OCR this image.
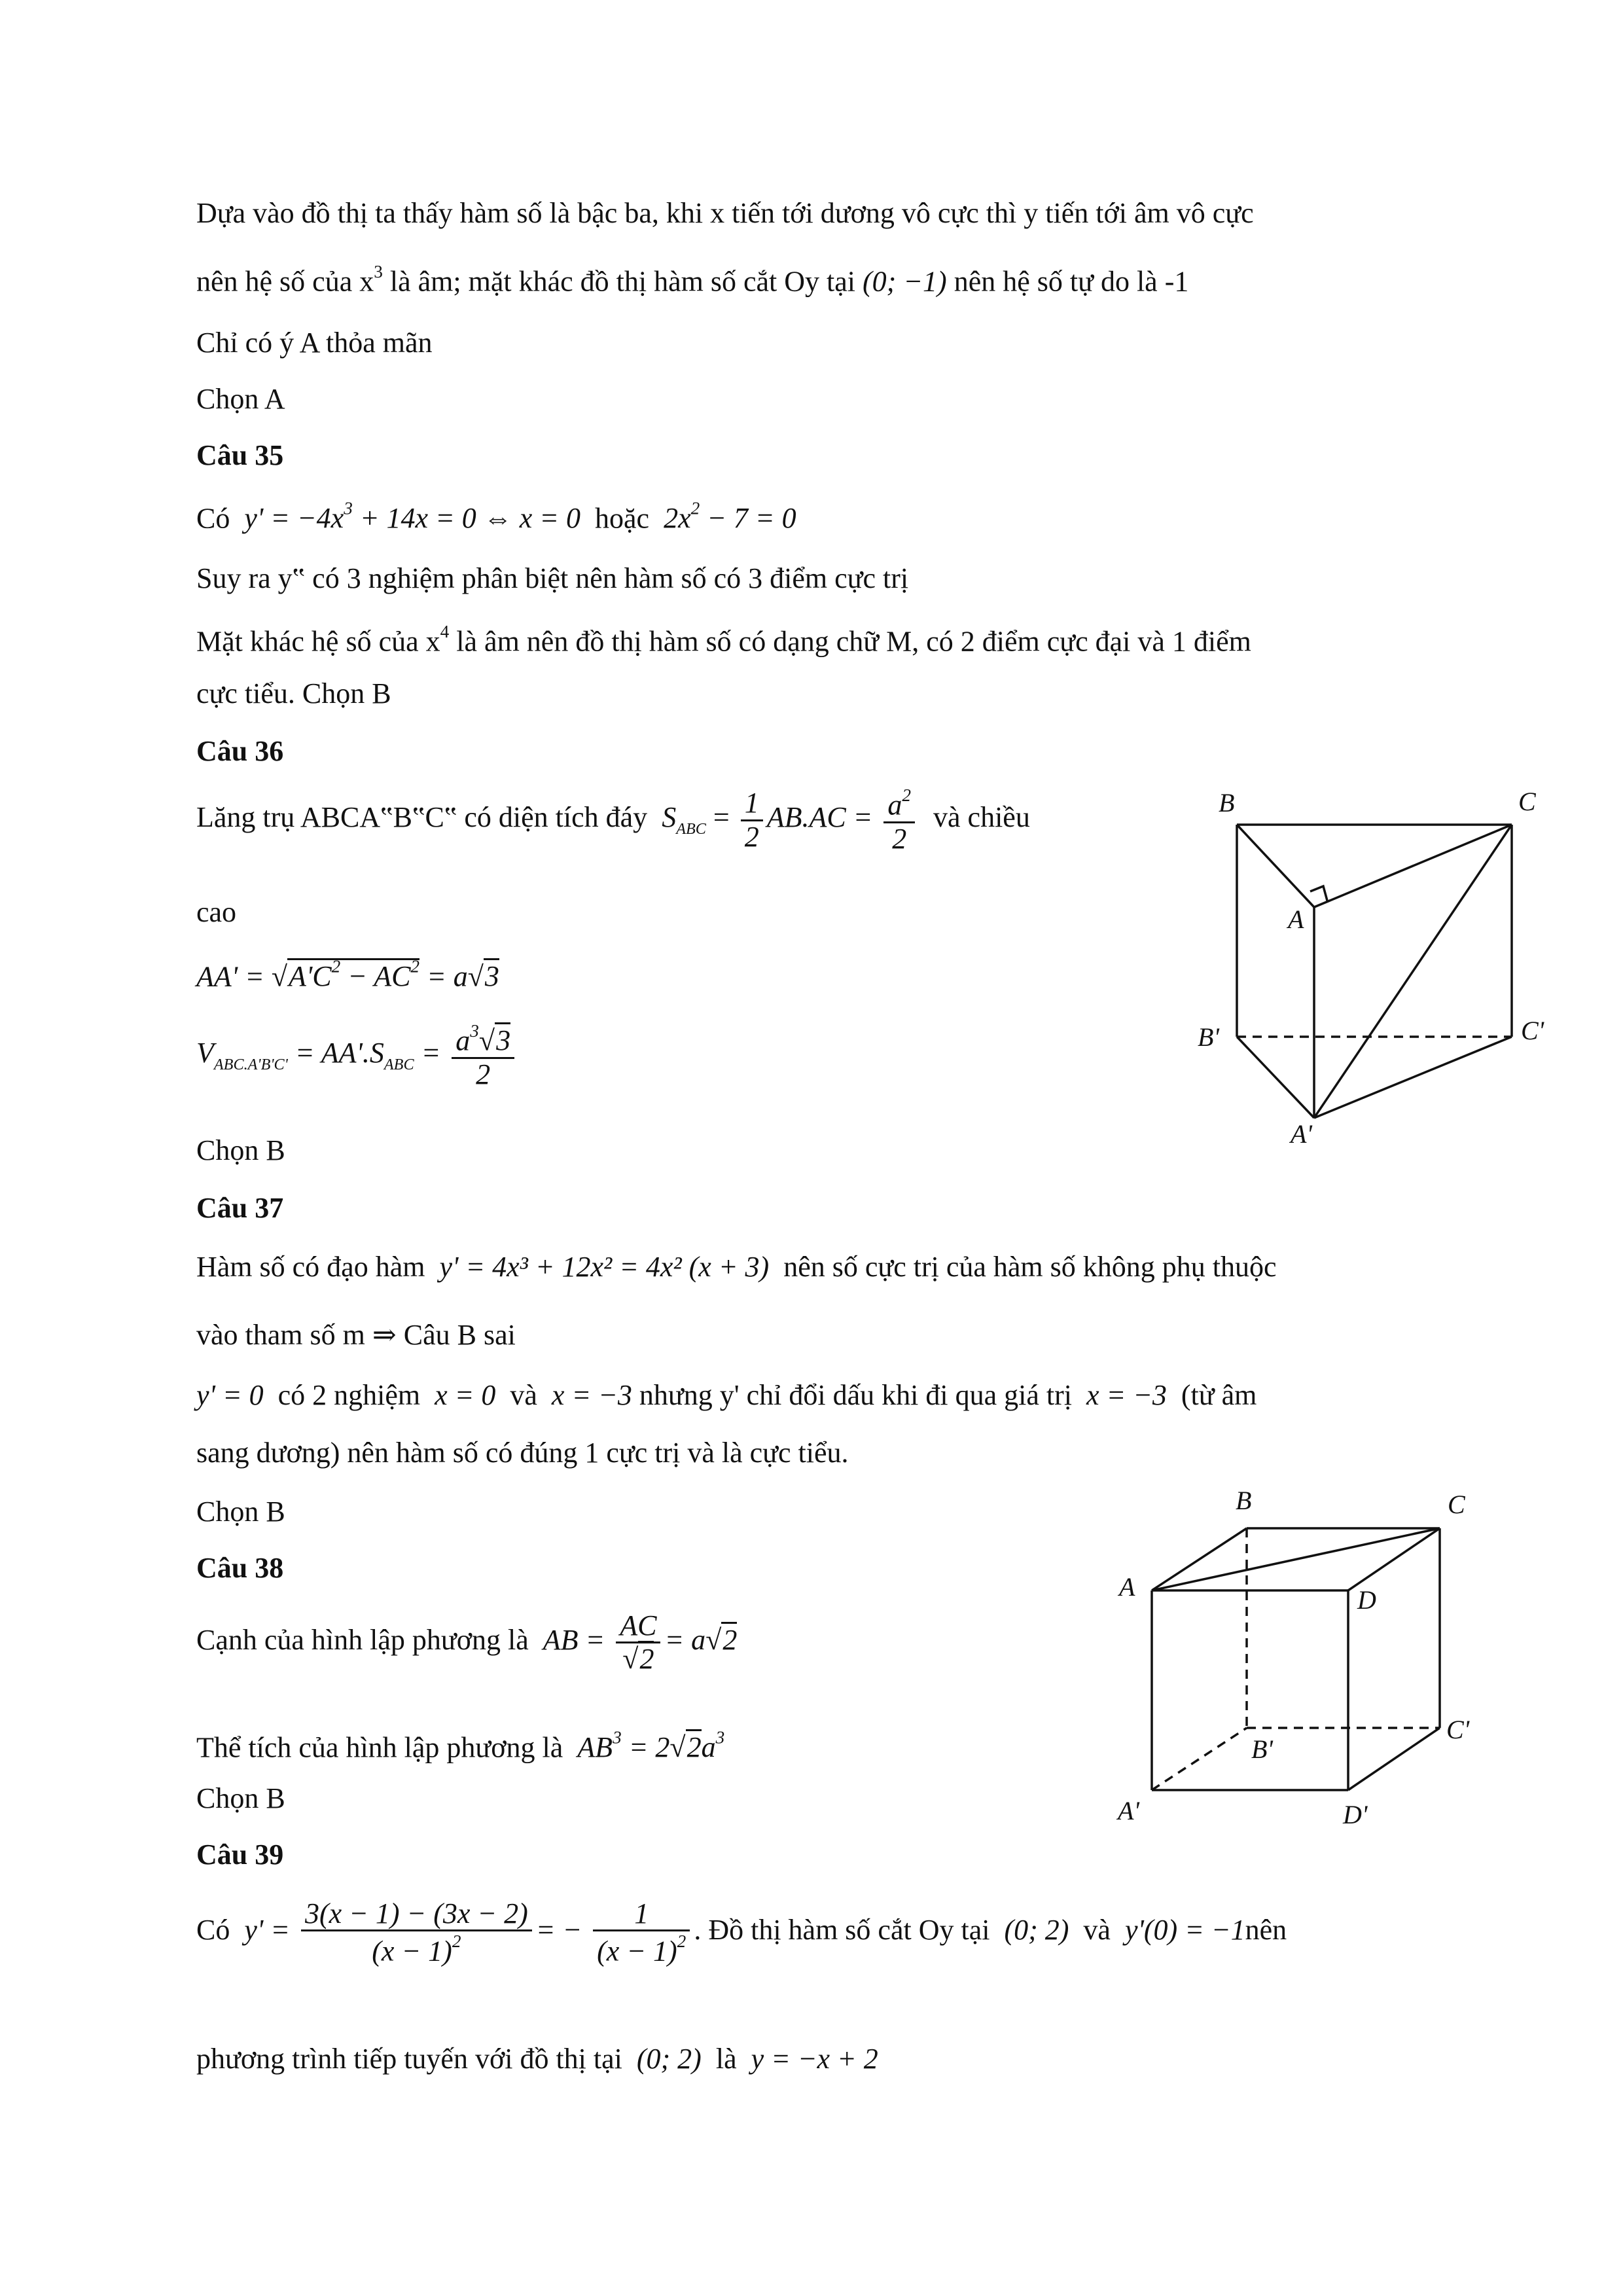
Dựa vào đồ thị ta thấy hàm số là bậc ba, khi x tiến tới dương vô cực thì y tiến tới âm vô cực
nên hệ số của $x^3$ là âm; mặt khác đồ thị hàm số cắt Oy tại (0; −1) nên hệ số tự do là -1
Chỉ có ý A thỏa mãn
Chọn A
Câu 35
Có $y' = -4x^3 + 14x = 0$ ⇔ x = 0 hoặc $2x^2 - 7 = 0$
Suy ra y‟ có 3 nghiệm phân biệt nên hàm số có 3 điểm cực trị
Mặt khác hệ số của $x^4$ là âm nên đồ thị hàm số có dạng chữ M, có 2 điểm cực đại và 1 điểm
cực tiểu. Chọn B
Câu 36
Lăng trụ ABCA‟B‟C‟ có diện tích đáy $S_{ABC} = \frac{1}{2} AB.AC = \frac{a^2}{2}$ và chiều
cao
$AA' = √A'C^2 - AC^2 = a√3$
$V_{ABC.A'B'C'} = AA'.S_{ABC} = \frac{a^3√3}{2}$
Chọn B
B	C
A
B'	C'
A'
Câu 37
Hàm số có đạo hàm y' = 4x³ + 12x² = 4x² (x + 3) nên số cực trị của hàm số không phụ thuộc
vào tham số m ⇒ Câu B sai
y' = 0 có 2 nghiệm x = 0 và x = −3 nhưng y' chỉ đổi dấu khi đi qua giá trị x = −3 (từ âm
sang dương) nên hàm số có đúng 1 cực trị và là cực tiểu.
Chọn B
Câu 38
Cạnh của hình lập phương là AB = $\frac{AC}{√2} = a√2$
Thể tích của hình lập phương là $AB^3 = 2√2a^3$
Chọn B
B	C
A	D
B'
C'
A'	D'
Câu 39
Có $y' = \frac{3(x - 1) - (3x - 2)}{(x - 1)^2}$ = − $\frac{1}{(x - 1)^2}$ . Đồ thị hàm số cắt Oy tại (0; 2) và y'(0) = −1nên
phương trình tiếp tuyến với đồ thị tại (0; 2) là y = −x + 2
